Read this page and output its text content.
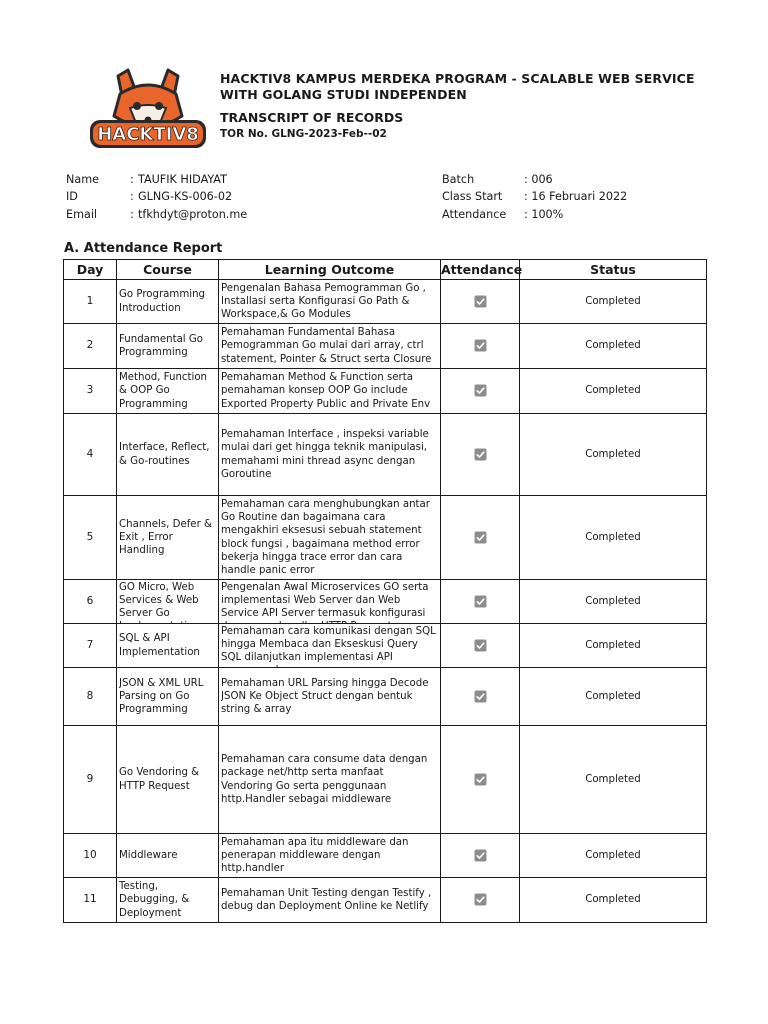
HACKTIV8
HACKTIV8 KAMPUS MERDEKA PROGRAM - SCALABLE WEB SERVICE WITH GOLANG STUDI INDEPENDEN
TRANSCRIPT OF RECORDS
TOR No. GLNG-2023-Feb--02
Name	: TAUFIK HIDAYAT
ID	: GLNG-KS-006-02
Email	: tfkhdyt@proton.me
Batch	: 006
Class Start	: 16 Februari 2022
Attendance	: 100%
A. Attendance Report
Day	Course	Learning Outcome	Attendance	Status
1	Go Programming Introduction	Pengenalan Bahasa Pemogramman Go , Installasi serta Konfigurasi Go Path & Workspace,& Go Modules		Completed
2	Fundamental Go Programming	Pemahaman Fundamental Bahasa Pemogramman Go mulai dari array, ctrl statement, Pointer & Struct serta Closure		Completed
3	Method, Function & OOP Go Programming	Pemahaman Method & Function serta pemahaman konsep OOP Go include Exported Property Public and Private Env		Completed
4	Interface, Reflect, & Go-routines	Pemahaman Interface , inspeksi variable mulai dari get hingga teknik manipulasi, memahami mini thread async dengan Goroutine		Completed
5	Channels, Defer & Exit , Error Handling	Pemahaman cara menghubungkan antar Go Routine dan bagaimana cara mengakhiri eksesusi sebuah statement block fungsi , bagaimana method error bekerja hingga trace error dan cara handle panic error		Completed
6	GO Micro, Web Services & Web Server Go	Pengenalan Awal Microservices GO serta implementasi Web Server dan Web Service API Server termasuk konfigurasi		Completed
7	SQL & API Implementation	Pemahaman cara komunikasi dengan SQL hingga Membaca dan Ekseskusi Query SQL dilanjutkan implementasi API		Completed
8	JSON & XML URL Parsing on Go Programming	Pemahaman URL Parsing hingga Decode JSON Ke Object Struct dengan bentuk string & array		Completed
9	Go Vendoring & HTTP Request	Pemahaman cara consume data dengan package net/http serta manfaat Vendoring Go serta penggunaan http.Handler sebagai middleware		Completed
10	Middleware	Pemahaman apa itu middleware dan penerapan middleware dengan http.handler		Completed
11	Testing, Debugging, & Deployment	Pemahaman Unit Testing dengan Testify , debug dan Deployment Online ke Netlify		Completed
